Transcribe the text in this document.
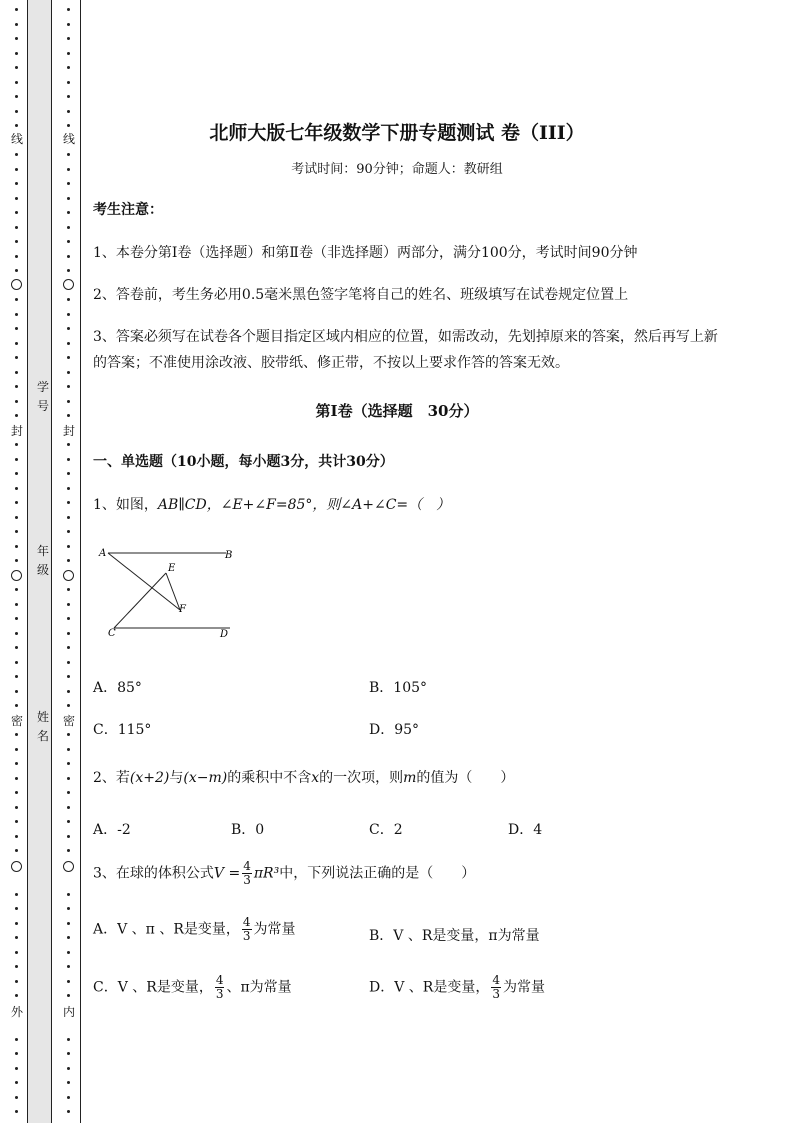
线
封
密
外
线
封
密
内
学号
年级
姓名
北师大版七年级数学下册专题测试 卷（III）
考试时间：90分钟；命题人：教研组
考生注意：
1、本卷分第I卷（选择题）和第Ⅱ卷（非选择题）两部分，满分100分，考试时间90分钟
2、答卷前，考生务必用0.5毫米黑色签字笔将自己的姓名、班级填写在试卷规定位置上
3、答案必须写在试卷各个题目指定区域内相应的位置，如需改动，先划掉原来的答案，然后再写上新
的答案；不准使用涂改液、胶带纸、修正带，不按以上要求作答的答案无效。
第Ⅰ卷（选择题　30分）
一、单选题（10小题，每小题3分，共计30分）
1、如图，AB∥CD，∠E+∠F=85°，则∠A+∠C=（　）
A	B
C	D
E
F
A．85°	B．105°
C．115°	D．95°
2、若(x+2)与(x−m)的乘积中不含x的一次项，则m的值为（　　）
A．-2	B．0	C．2	D．4
3、在球的体积公式$V = \frac{4}{3} \pi R^3$中，下列说法正确的是（　　）
A．V 、π 、R是变量， $\frac{4}{3}$ 为常量	B．V 、R是变量，π为常量
C．V 、R是变量， $\frac{4}{3}$ 、π为常量	D．V 、R是变量， $\frac{4}{3}$ 为常量
